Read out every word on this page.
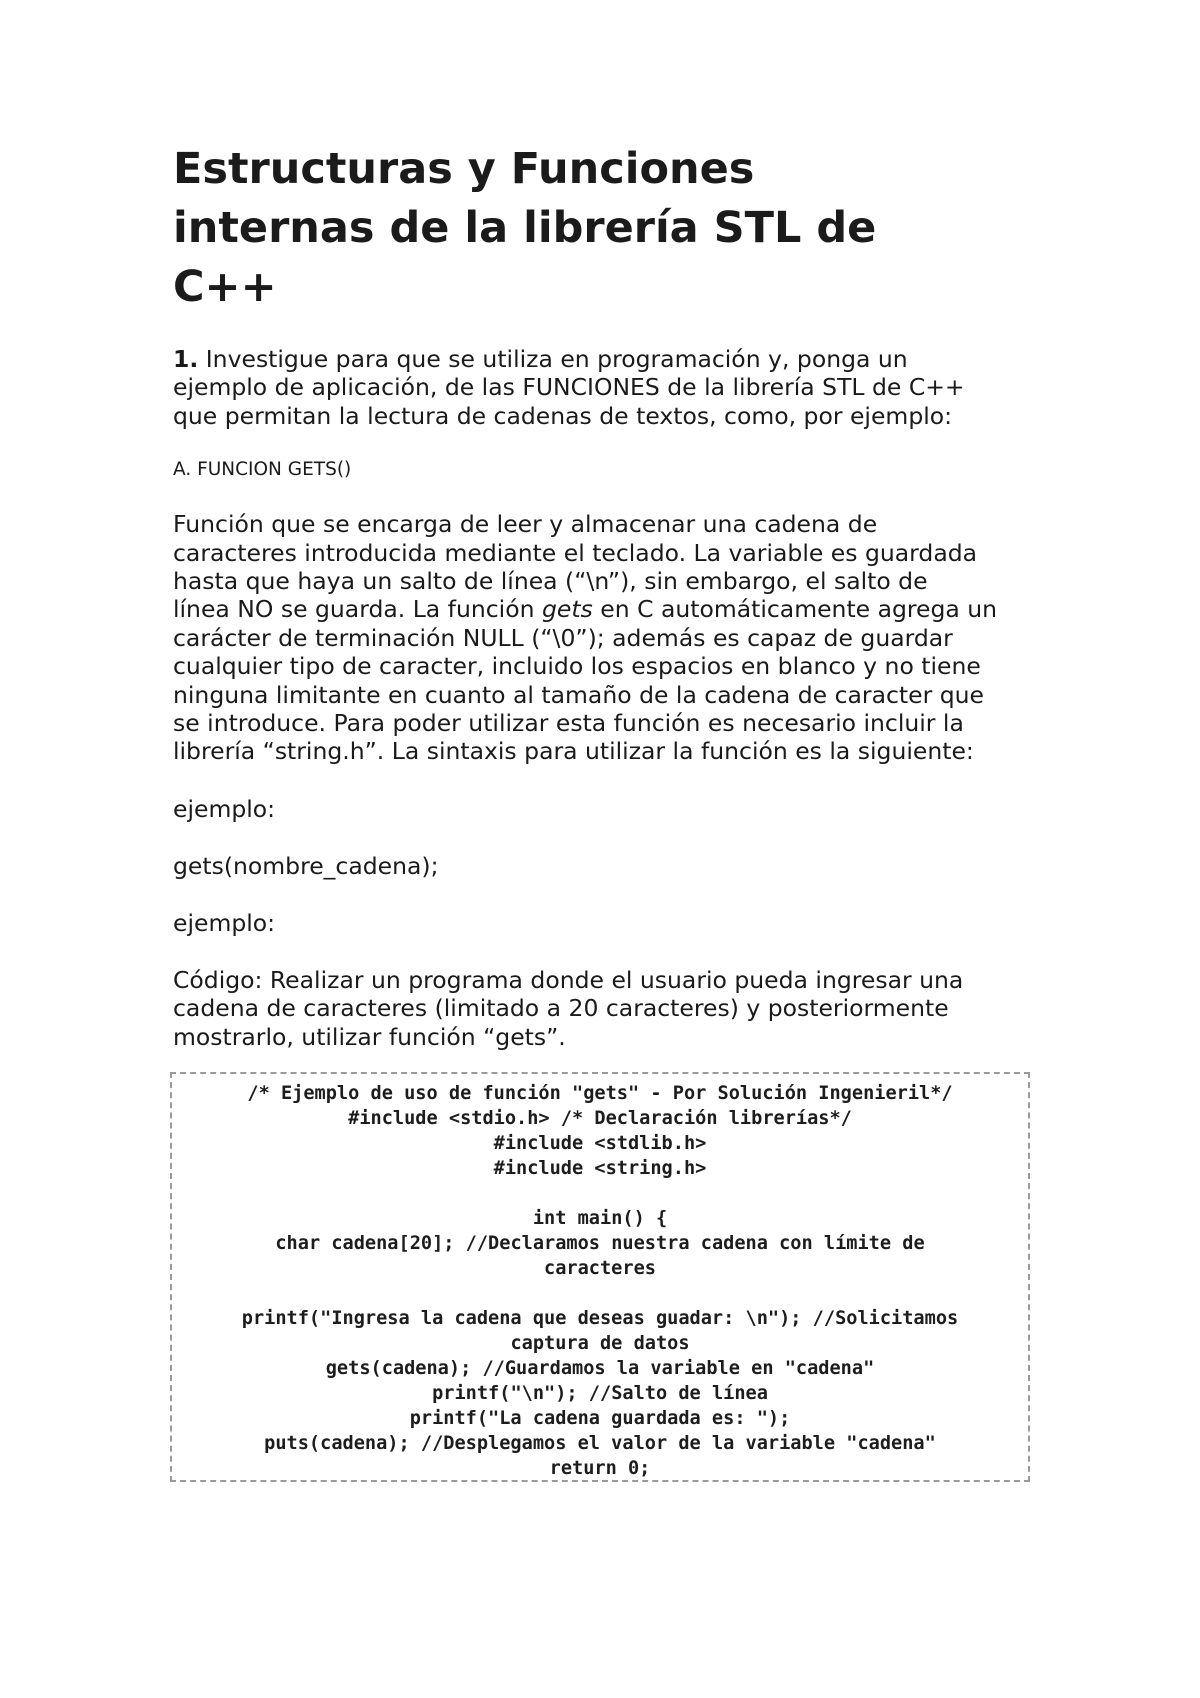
Estructuras y Funciones
internas de la librería STL de
C++

1. Investigue para que se utiliza en programación y, ponga un
ejemplo de aplicación, de las FUNCIONES de la librería STL de C++
que permitan la lectura de cadenas de textos, como, por ejemplo:

A. FUNCION GETS()

Función que se encarga de leer y almacenar una cadena de
caracteres introducida mediante el teclado. La variable es guardada
hasta que haya un salto de línea (“\n”), sin embargo, el salto de
línea NO se guarda. La función gets en C automáticamente agrega un
carácter de terminación NULL (“\0”); además es capaz de guardar
cualquier tipo de caracter, incluido los espacios en blanco y no tiene
ninguna limitante en cuanto al tamaño de la cadena de caracter que
se introduce. Para poder utilizar esta función es necesario incluir la
librería “string.h”. La sintaxis para utilizar la función es la siguiente:

ejemplo:

gets(nombre_cadena);

ejemplo:

Código: Realizar un programa donde el usuario pueda ingresar una
cadena de caracteres (limitado a 20 caracteres) y posteriormente
mostrarlo, utilizar función “gets”.

/* Ejemplo de uso de función "gets" - Por Solución Ingenieril*/
#include <stdio.h> /* Declaración librerías*/
#include <stdlib.h>
#include <string.h>
int main() {
char cadena[20]; //Declaramos nuestra cadena con límite de
caracteres
printf("Ingresa la cadena que deseas guadar: \n"); //Solicitamos
captura de datos
gets(cadena); //Guardamos la variable en "cadena"
printf("\n"); //Salto de línea
printf("La cadena guardada es: ");
puts(cadena); //Desplegamos el valor de la variable "cadena"
return 0;
